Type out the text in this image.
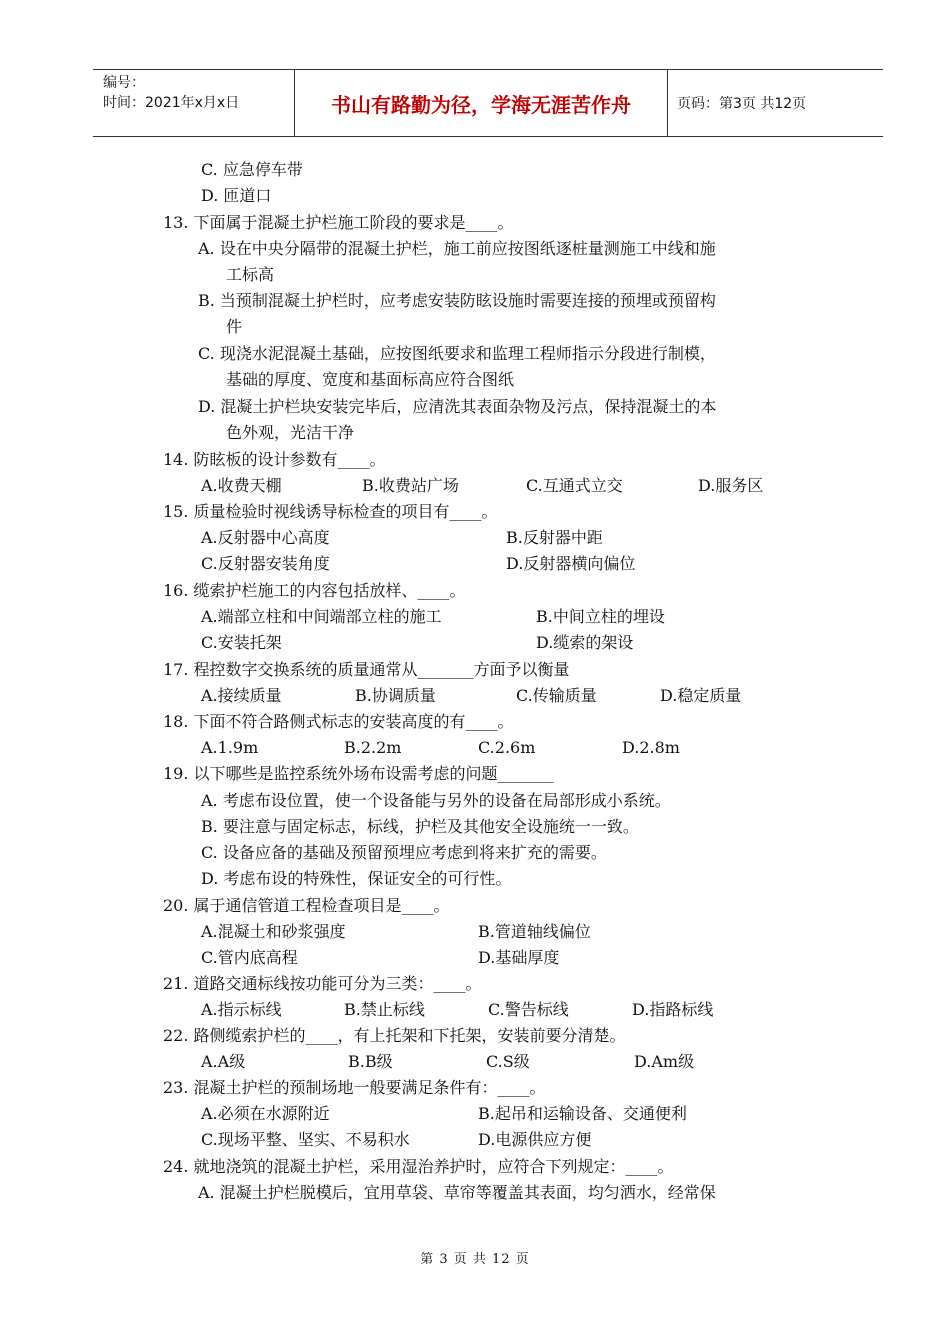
编号：
时间：2021年x月x日	书山有路勤为径，学海无涯苦作舟	页码：第3页 共12页
C. 应急停车带
D. 匝道口
13. 下面属于混凝土护栏施工阶段的要求是____。
A. 设在中央分隔带的混凝土护栏，施工前应按图纸逐桩量测施工中线和施
工标高
B. 当预制混凝土护栏时，应考虑安装防眩设施时需要连接的预埋或预留构
件
C. 现浇水泥混凝土基础，应按图纸要求和监理工程师指示分段进行制模，
基础的厚度、宽度和基面标高应符合图纸
D. 混凝土护栏块安装完毕后，应清洗其表面杂物及污点，保持混凝土的本
色外观，光洁干净
14. 防眩板的设计参数有____。
A.收费天棚	B.收费站广场	C.互通式立交	D.服务区
15. 质量检验时视线诱导标检查的项目有____。
A.反射器中心高度	B.反射器中距
C.反射器安装角度	D.反射器横向偏位
16. 缆索护栏施工的内容包括放样、____。
A.端部立柱和中间端部立柱的施工	B.中间立柱的埋设
C.安装托架	D.缆索的架设
17. 程控数字交换系统的质量通常从_______方面予以衡量
A.接续质量	B.协调质量	C.传输质量	D.稳定质量
18. 下面不符合路侧式标志的安装高度的有____。
A.1.9m	B.2.2m	C.2.6m	D.2.8m
19. 以下哪些是监控系统外场布设需考虑的问题_______
A. 考虑布设位置，使一个设备能与另外的设备在局部形成小系统。
B. 要注意与固定标志，标线，护栏及其他安全设施统一一致。
C. 设备应备的基础及预留预埋应考虑到将来扩充的需要。
D. 考虑布设的特殊性，保证安全的可行性。
20. 属于通信管道工程检查项目是____。
A.混凝土和砂浆强度	B.管道轴线偏位
C.管内底高程	D.基础厚度
21. 道路交通标线按功能可分为三类：____。
A.指示标线	B.禁止标线	C.警告标线	D.指路标线
22. 路侧缆索护栏的____，有上托架和下托架，安装前要分清楚。
A.A级	B.B级	C.S级	D.Am级
23. 混凝土护栏的预制场地一般要满足条件有：____。
A.必须在水源附近	B.起吊和运输设备、交通便利
C.现场平整、坚实、不易积水	D.电源供应方便
24. 就地浇筑的混凝土护栏，采用湿治养护时，应符合下列规定：____。
A. 混凝土护栏脱模后，宜用草袋、草帘等覆盖其表面，均匀洒水，经常保
第 3 页 共 12 页
